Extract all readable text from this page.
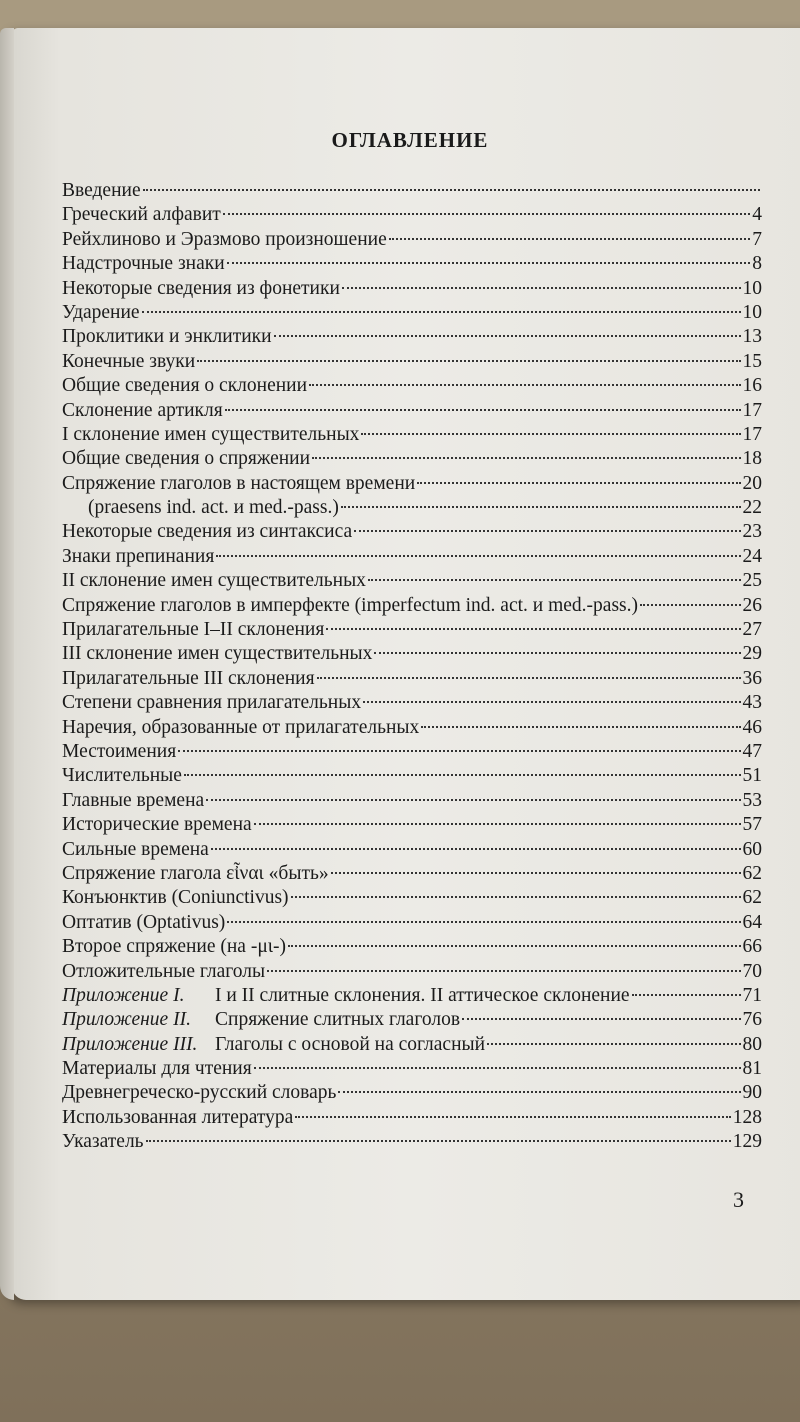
ОГЛАВЛЕНИЕ
Введение
Греческий алфавит	4
Рейхлиново и Эразмово произношение	7
Надстрочные знаки	8
Некоторые сведения из фонетики	10
Ударение	10
Проклитики и энклитики	13
Конечные звуки	15
Общие сведения о склонении	16
Склонение артикля	17
I склонение имен существительных	17
Общие сведения о спряжении	18
Спряжение глаголов в настоящем времени	20
(praesens ind. act. и med.-pass.)	22
Некоторые сведения из синтаксиса	23
Знаки препинания	24
II склонение имен существительных	25
Спряжение глаголов в имперфекте (imperfectum ind. act. и med.-pass.)	26
Прилагательные I–II склонения	27
III склонение имен существительных	29
Прилагательные III склонения	36
Степени сравнения прилагательных	43
Наречия, образованные от прилагательных	46
Местоимения	47
Числительные	51
Главные времена	53
Исторические времена	57
Сильные времена	60
Спряжение глагола εἶναι «быть»	62
Конъюнктив (Coniunctivus)	62
Оптатив (Optativus)	64
Второе спряжение (на -μι-)	66
Отложительные глаголы	70
Приложение I. I и II слитные склонения. II аттическое склонение	71
Приложение II. Спряжение слитных глаголов	76
Приложение III. Глаголы с основой на согласный	80
Материалы для чтения	81
Древнегреческо-русский словарь	90
Использованная литература	128
Указатель	129
3
